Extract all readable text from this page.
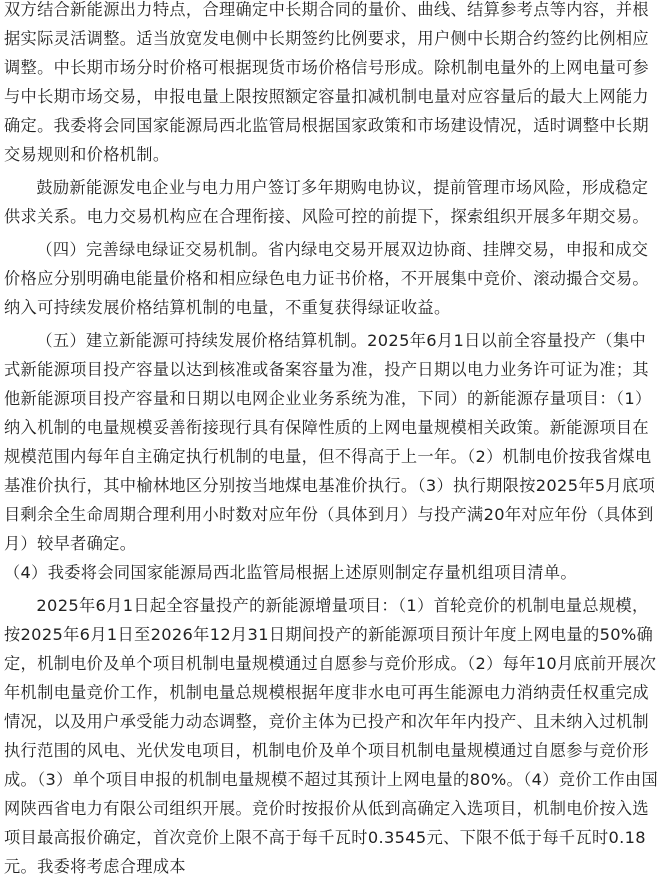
双方结合新能源出力特点，合理确定中长期合同的量价、曲线、结算参考点等内容，并根据实际灵活调整。适当放宽发电侧中长期签约比例要求，用户侧中长期合约签约比例相应调整。中长期市场分时价格可根据现货市场价格信号形成。除机制电量外的上网电量可参与中长期市场交易，申报电量上限按照额定容量扣减机制电量对应容量后的最大上网能力确定。我委将会同国家能源局西北监管局根据国家政策和市场建设情况，适时调整中长期交易规则和价格机制。

鼓励新能源发电企业与电力用户签订多年期购电协议，提前管理市场风险，形成稳定供求关系。电力交易机构应在合理衔接、风险可控的前提下，探索组织开展多年期交易。

（四）完善绿电绿证交易机制。省内绿电交易开展双边协商、挂牌交易，申报和成交价格应分别明确电能量价格和相应绿色电力证书价格，不开展集中竞价、滚动撮合交易。纳入可持续发展价格结算机制的电量，不重复获得绿证收益。

（五）建立新能源可持续发展价格结算机制。2025年6月1日以前全容量投产（集中式新能源项目投产容量以达到核准或备案容量为准，投产日期以电力业务许可证为准；其他新能源项目投产容量和日期以电网企业业务系统为准，下同）的新能源存量项目：（1）纳入机制的电量规模妥善衔接现行具有保障性质的上网电量规模相关政策。新能源项目在规模范围内每年自主确定执行机制的电量，但不得高于上一年。（2）机制电价按我省煤电基准价执行，其中榆林地区分别按当地煤电基准价执行。（3）执行期限按2025年5月底项目剩余全生命周期合理利用小时数对应年份（具体到月）与投产满20年对应年份（具体到月）较早者确定。

（4）我委将会同国家能源局西北监管局根据上述原则制定存量机组项目清单。

2025年6月1日起全容量投产的新能源增量项目：（1）首轮竞价的机制电量总规模，按2025年6月1日至2026年12月31日期间投产的新能源项目预计年度上网电量的50%确定，机制电价及单个项目机制电量规模通过自愿参与竞价形成。（2）每年10月底前开展次年机制电量竞价工作，机制电量总规模根据年度非水电可再生能源电力消纳责任权重完成情况，以及用户承受能力动态调整，竞价主体为已投产和次年年内投产、且未纳入过机制执行范围的风电、光伏发电项目，机制电价及单个项目机制电量规模通过自愿参与竞价形成。（3）单个项目申报的机制电量规模不超过其预计上网电量的80%。（4）竞价工作由国网陕西省电力有限公司组织开展。竞价时按报价从低到高确定入选项目，机制电价按入选项目最高报价确定，首次竞价上限不高于每千瓦时0.3545元、下限不低于每千瓦时0.18元。我委将考虑合理成本
